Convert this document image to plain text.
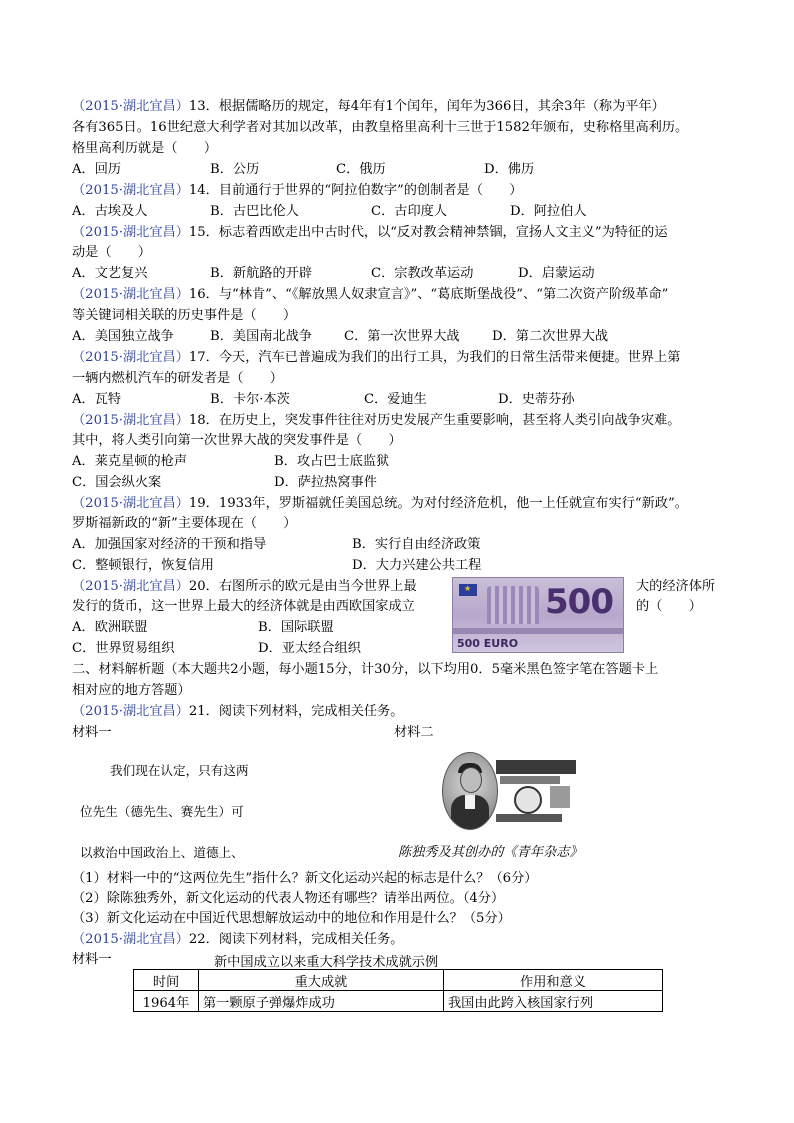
（2015·湖北宜昌）13．根据儒略历的规定，每4年有1个闰年，闰年为366日，其余3年（称为平年）
各有365日。16世纪意大利学者对其加以改革，由教皇格里高利十三世于1582年颁布，史称格里高利历。
格里高利历就是（　　）
A．回历	B．公历	C．俄历	D．佛历
（2015·湖北宜昌）14．目前通行于世界的“阿拉伯数字”的创制者是（　　）
A．古埃及人	B．古巴比伦人	C．古印度人	D．阿拉伯人
（2015·湖北宜昌）15．标志着西欧走出中古时代，以“反对教会精神禁锢，宣扬人文主义”为特征的运
动是（　　）
A．文艺复兴	B．新航路的开辟	C．宗教改革运动	D．启蒙运动
（2015·湖北宜昌）16．与“林肯”、“《解放黑人奴隶宣言》”、“葛底斯堡战役”、“第二次资产阶级革命”
等关键词相关联的历史事件是（　　）
A．美国独立战争	B．美国南北战争 C．第一次世界大战 D．第二次世界大战
（2015·湖北宜昌）17．今天，汽车已普遍成为我们的出行工具，为我们的日常生活带来便捷。世界上第
一辆内燃机汽车的研发者是（　　）
A．瓦特	B．卡尔·本茨	C．爱迪生	D．史蒂芬孙
（2015·湖北宜昌）18．在历史上，突发事件往往对历史发展产生重要影响，甚至将人类引向战争灾难。
其中，将人类引向第一次世界大战的突发事件是（　　）
A．莱克星顿的枪声	B．攻占巴士底监狱
C．国会纵火案	D．萨拉热窝事件
（2015·湖北宜昌）19．1933年，罗斯福就任美国总统。为对付经济危机，他一上任就宣布实行“新政”。
罗斯福新政的“新”主要体现在（　　）
A．加强国家对经济的干预和指导	B．实行自由经济政策
C．整顿银行，恢复信用	D．大力兴建公共工程
（2015·湖北宜昌）20．右图所示的欧元是由当今世界上最	大的经济体所
发行的货币，这一世界上最大的经济体就是由西欧国家成立	的（　　）
A．欧洲联盟	B．国际联盟
C．世界贸易组织	D．亚太经合组织
★
500
500 EURO
二、材料解析题（本大题共2小题，每小题15分，计30分，以下均用0．5毫米黑色签字笔在答题卡上
相对应的地方答题）
（2015·湖北宜昌）21．阅读下列材料，完成相关任务。
材料一	材料二
我们现在认定，只有这两
位先生（德先生、赛先生）可
以救治中国政治上、道德上、	陈独秀及其创办的《青年杂志》
（1）材料一中的“这两位先生”指什么？新文化运动兴起的标志是什么？（6分）
（2）除陈独秀外，新文化运动的代表人物还有哪些？请举出两位。（4分）
（3）新文化运动在中国近代思想解放运动中的地位和作用是什么？（5分）
（2015·湖北宜昌）22．阅读下列材料，完成相关任务。
材料一	新中国成立以来重大科学技术成就示例
时间	重大成就	作用和意义
1964年	第一颗原子弹爆炸成功	我国由此跨入核国家行列
